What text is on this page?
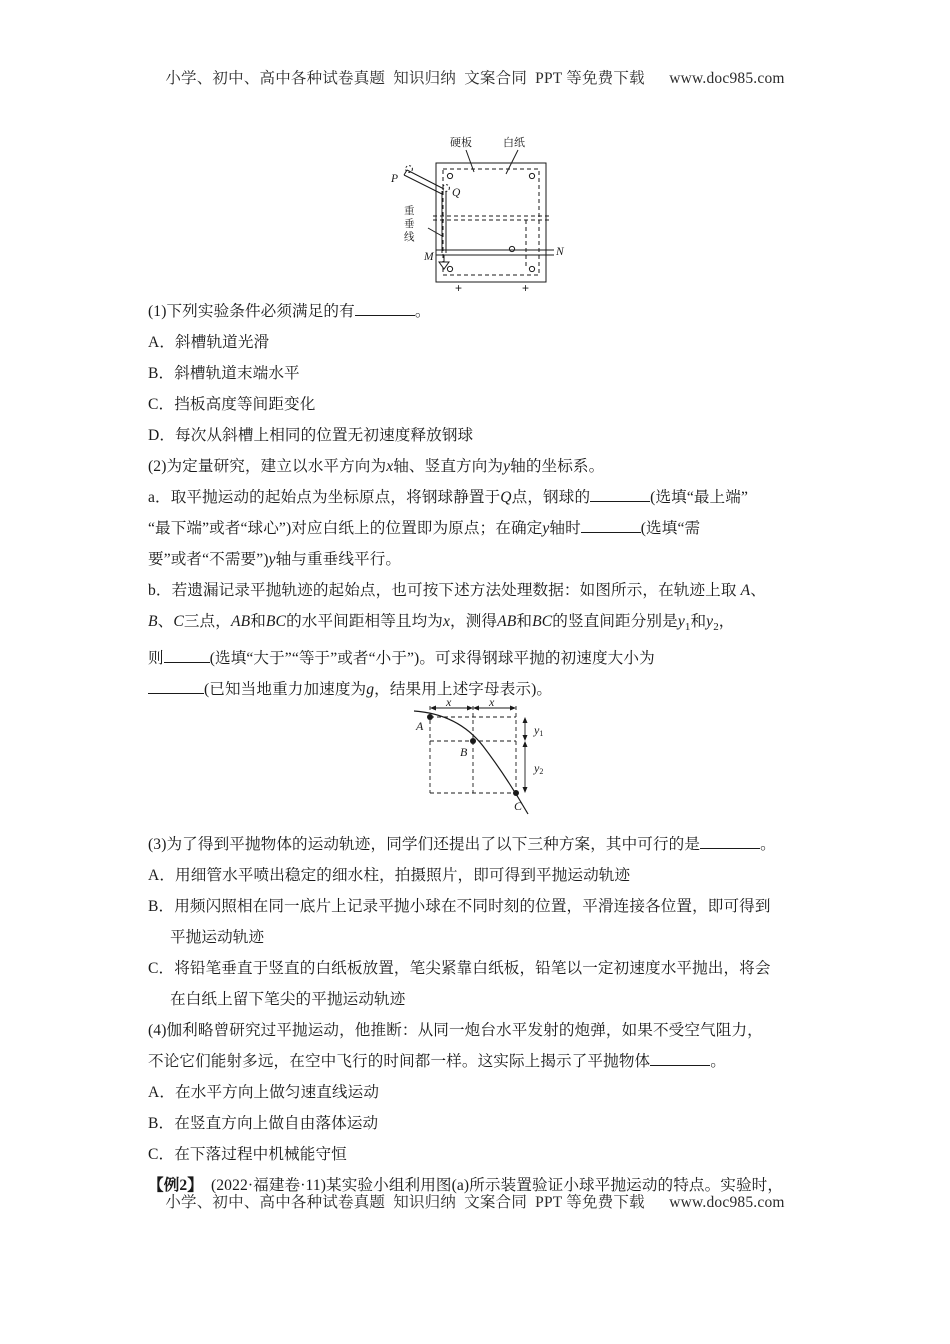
小学、初中、高中各种试卷真题  知识归纳  文案合同  PPT 等免费下载      www.doc985.com
硬板	白纸
重
垂
线
P
Q
M	N
+	+
A
B
C
x	x
y1
y2
(1)下列实验条件必须满足的有	。
A．斜槽轨道光滑
B．斜槽轨道末端水平
C．挡板高度等间距变化
D．每次从斜槽上相同的位置无初速度释放钢球
(2)为定量研究，建立以水平方向为x轴、竖直方向为y轴的坐标系。
a．取平抛运动的起始点为坐标原点，将钢球静置于Q点，钢球的	(选填“最上端”
“最下端”或者“球心”)对应白纸上的位置即为原点；在确定y轴时	(选填“需
要”或者“不需要”)y轴与重垂线平行。
b．若遗漏记录平抛轨迹的起始点，也可按下述方法处理数据：如图所示，在轨迹上取 A、
B、C三点，AB和BC的水平间距相等且均为x，测得AB和BC的竖直间距分别是$y_1$和$y_2$，
则	(选填“大于”“等于”或者“小于”)。可求得钢球平抛的初速度大小为
(已知当地重力加速度为g，结果用上述字母表示)。
(3)为了得到平抛物体的运动轨迹，同学们还提出了以下三种方案，其中可行的是	。
A．用细管水平喷出稳定的细水柱，拍摄照片，即可得到平抛运动轨迹
B．用频闪照相在同一底片上记录平抛小球在不同时刻的位置，平滑连接各位置，即可得到
平抛运动轨迹
C．将铅笔垂直于竖直的白纸板放置，笔尖紧靠白纸板，铅笔以一定初速度水平抛出，将会
在白纸上留下笔尖的平抛运动轨迹
(4)伽利略曾研究过平抛运动，他推断：从同一炮台水平发射的炮弹，如果不受空气阻力，
不论它们能射多远，在空中飞行的时间都一样。这实际上揭示了平抛物体	。
A．在水平方向上做匀速直线运动
B．在竖直方向上做自由落体运动
C．在下落过程中机械能守恒
【例2】 (2022·福建卷·11)某实验小组利用图(a)所示装置验证小球平抛运动的特点。实验时，
小学、初中、高中各种试卷真题  知识归纳  文案合同  PPT 等免费下载      www.doc985.com
